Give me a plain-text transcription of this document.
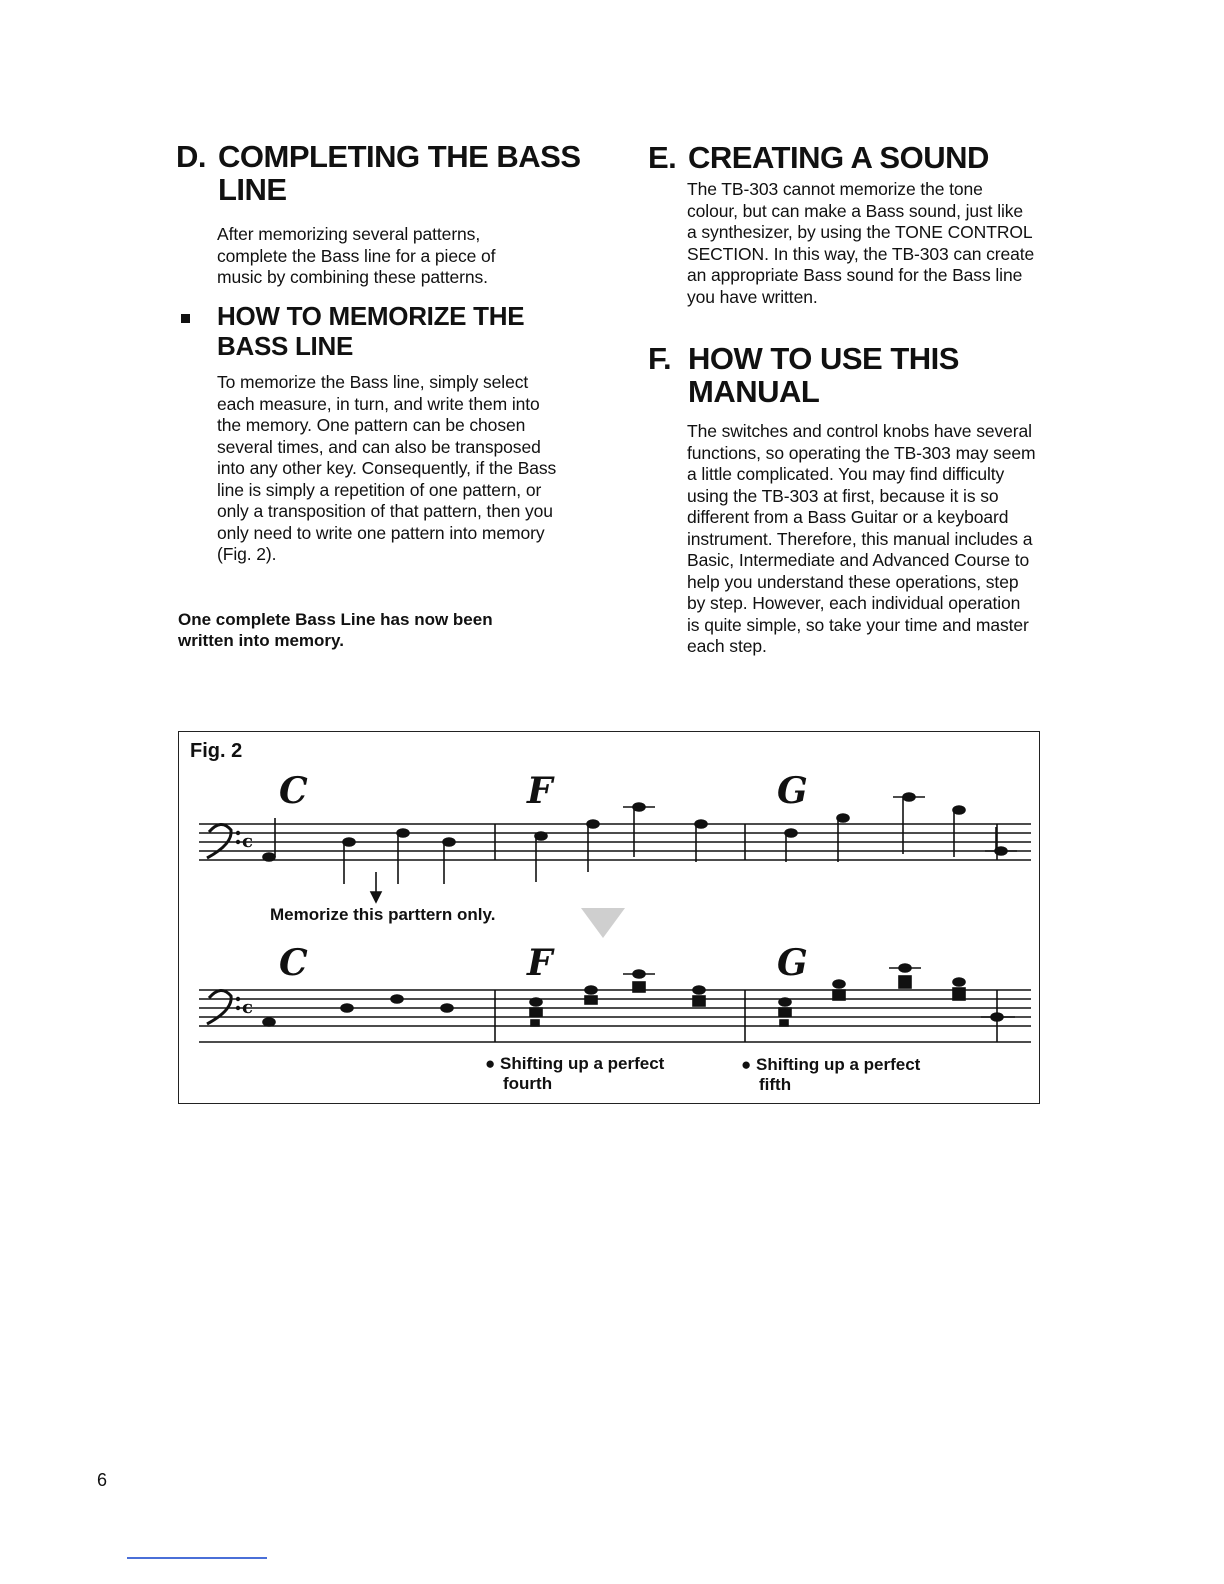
D. COMPLETING THE BASS
LINE

After memorizing several patterns, complete the Bass line for a piece of music by combining these patterns.

HOW TO MEMORIZE THE
BASS LINE

To memorize the Bass line, simply select each measure, in turn, and write them into the memory. One pattern can be chosen several times, and can also be transposed into any other key. Consequently, if the Bass line is simply a repetition of one pattern, or only a transposition of that pattern, then you only need to write one pattern into memory (Fig. 2).

One complete Bass Line has now been written into memory.

E. CREATING A SOUND

The TB-303 cannot memorize the tone colour, but can make a Bass sound, just like a synthesizer, by using the TONE CONTROL SECTION. In this way, the TB-303 can create an appropriate Bass sound for the Bass line you have written.

F. HOW TO USE THIS
MANUAL

The switches and control knobs have several functions, so operating the TB-303 may seem a little complicated. You may find difficulty using the TB-303 at first, because it is so different from a Bass Guitar or a keyboard instrument. Therefore, this manual includes a Basic, Intermediate and Advanced Course to help you understand these operations, step by step. However, each individual operation is quite simple, so take your time and master each step.

Fig. 2
C	F	G
c
Memorize this parttern only.
C	F	G
c
● Shifting up a perfect
fourth
● Shifting up a perfect
fifth
6
